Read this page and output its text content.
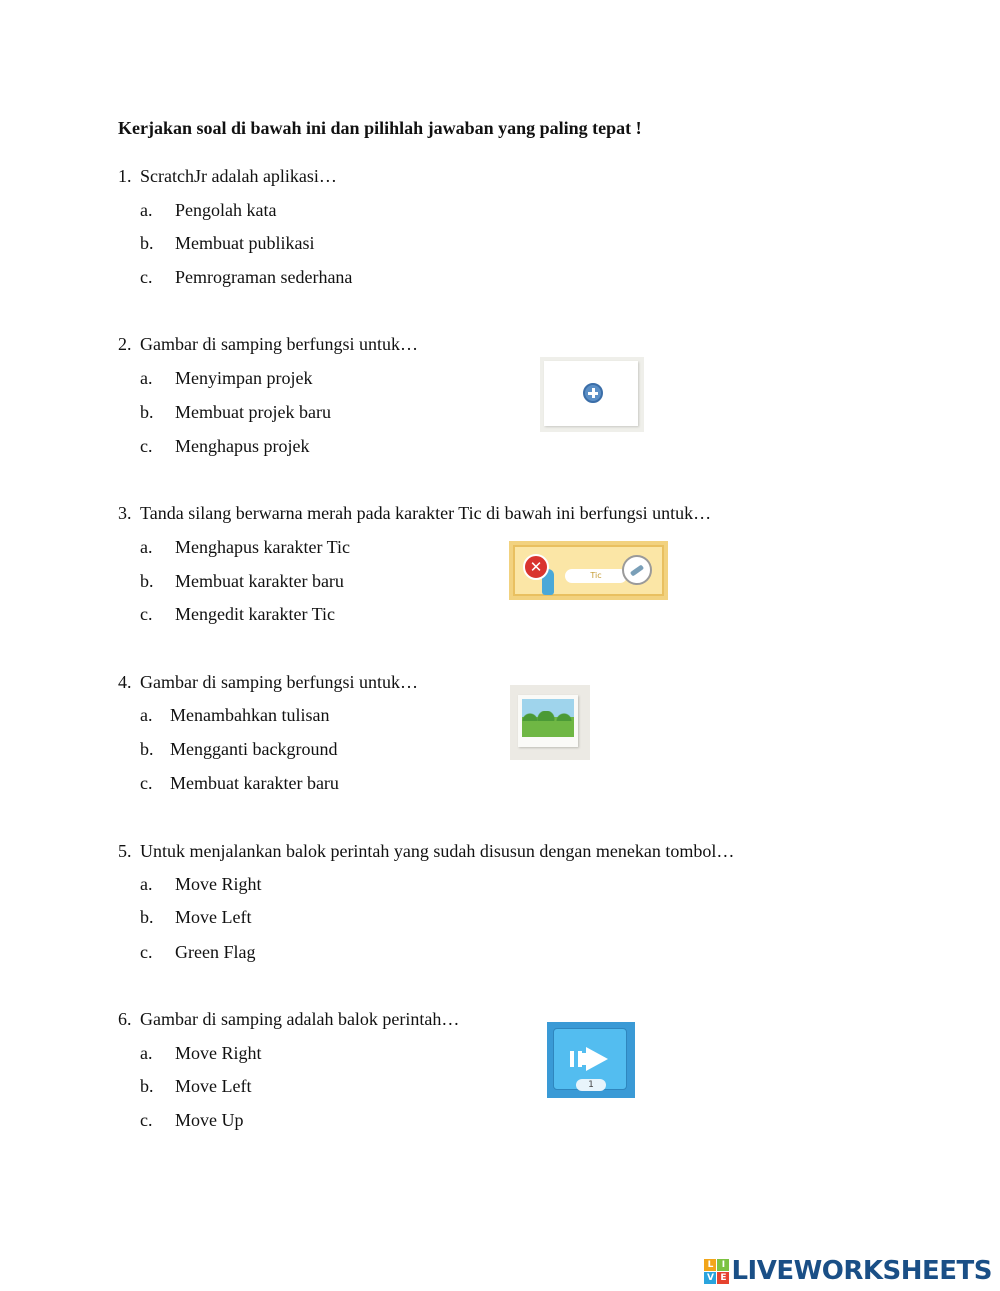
Kerjakan soal di bawah ini dan pilihlah jawaban yang paling tepat !
1. ScratchJr adalah aplikasi…
a. Pengolah kata
b. Membuat publikasi
c. Pemrograman sederhana
2. Gambar di samping berfungsi untuk…
a. Menyimpan projek
b. Membuat projek baru
c. Menghapus projek
3. Tanda silang berwarna merah pada karakter Tic di bawah ini berfungsi untuk…
a. Menghapus karakter Tic
b. Membuat karakter baru
c. Mengedit karakter Tic
✕	Tic
4. Gambar di samping berfungsi untuk…
a. Menambahkan tulisan
b. Mengganti background
c. Membuat karakter baru
5. Untuk menjalankan balok perintah yang sudah disusun dengan menekan tombol…
a. Move Right
b. Move Left
c. Green Flag
6. Gambar di samping adalah balok perintah…
a. Move Right
b. Move Left
c. Move Up
1
L I
V E LIVEWORKSHEETS
